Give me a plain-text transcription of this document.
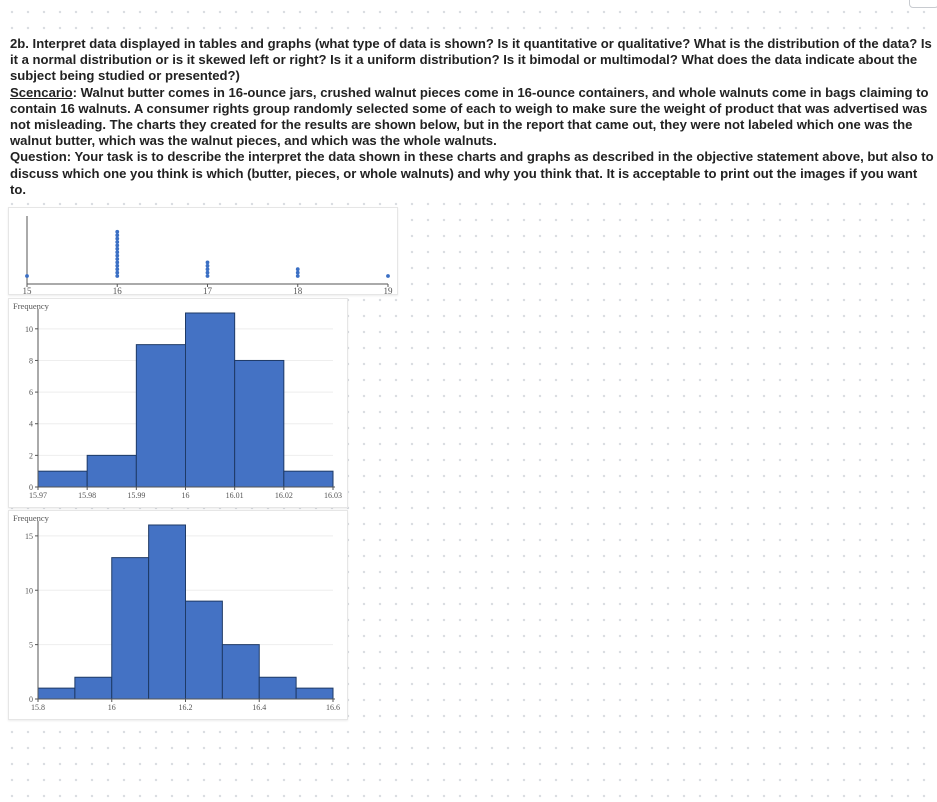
2b. Interpret data displayed in tables and graphs (what type of data is shown? Is it quantitative or qualitative? What is the distribution of the data? Is it a normal distribution or is it skewed left or right? Is it a uniform distribution? Is it bimodal or multimodal? What does the data indicate about the subject being studied or presented?)

Scencario: Walnut butter comes in 16-ounce jars, crushed walnut pieces come in 16-ounce containers, and whole walnuts come in bags claiming to contain 16 walnuts. A consumer rights group randomly selected some of each to weigh to make sure the weight of product that was advertised was not misleading. The charts they created for the results are shown below, but in the report that came out, they were not labeled which one was the walnut butter, which was the walnut pieces, and which was the whole walnuts.

Question: Your task is to describe the interpret the data shown in these charts and graphs as described in the objective statement above, but also to discuss which one you think is which (butter, pieces, or whole walnuts) and why you think that. It is acceptable to print out the images if you want to.

15	16	17	18	19
Frequency
0
2
4
6
8
10
15.97	15.98	15.99	16	16.01	16.02	16.03
Frequency
0
5
10
15
15.8	16	16.2	16.4	16.6
